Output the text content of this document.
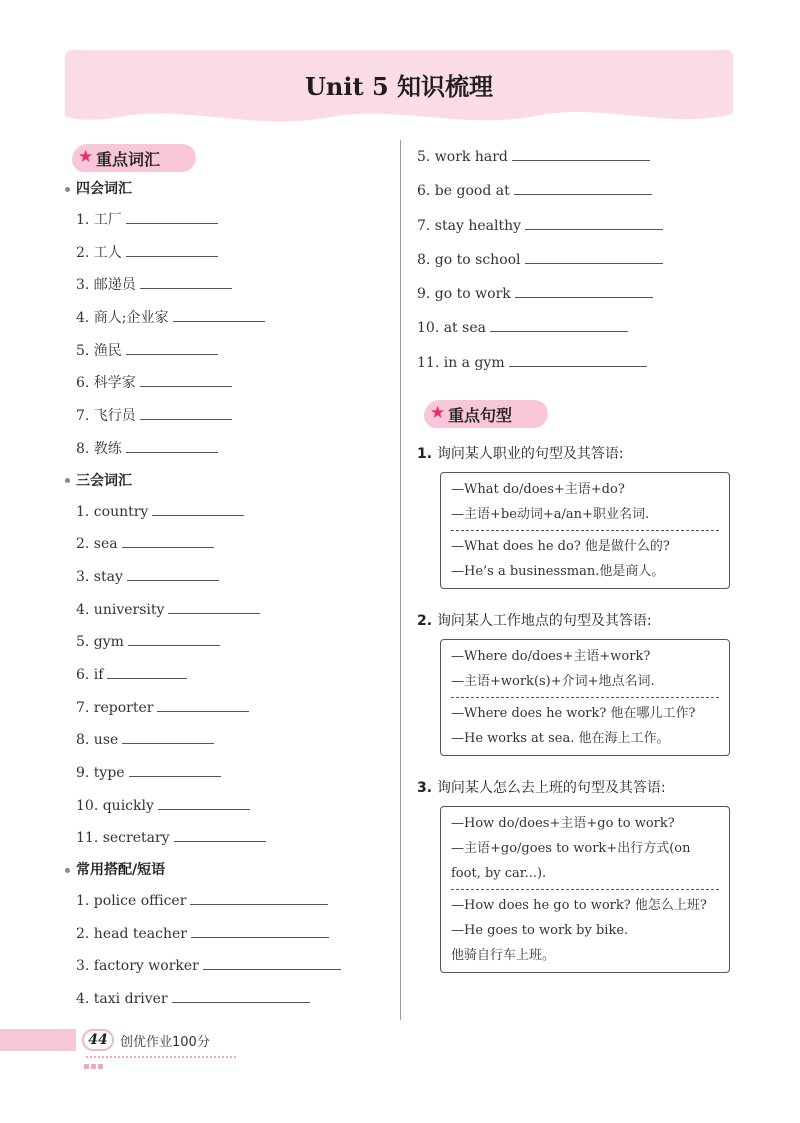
Unit 5 知识梳理
★ 重点词汇
四会词汇
1. 工厂
2. 工人
3. 邮递员
4. 商人;企业家
5. 渔民
6. 科学家
7. 飞行员
8. 教练
三会词汇
1. country
2. sea
3. stay
4. university
5. gym
6. if
7. reporter
8. use
9. type
10. quickly
11. secretary
常用搭配/短语
1. police officer
2. head teacher
3. factory worker
4. taxi driver
5. work hard
6. be good at
7. stay healthy
8. go to school
9. go to work
10. at sea
11. in a gym
★ 重点句型
1. 询问某人职业的句型及其答语:
—What do/does+主语+do?
—主语+be动词+a/an+职业名词.
—What does he do? 他是做什么的?
—He’s a businessman.他是商人。
2. 询问某人工作地点的句型及其答语:
—Where do/does+主语+work?
—主语+work(s)+介词+地点名词.
—Where does he work? 他在哪儿工作?
—He works at sea. 他在海上工作。
3. 询问某人怎么去上班的句型及其答语:
—How do/does+主语+go to work?
—主语+go/goes to work+出行方式(on
foot, by car...).
—How does he go to work? 他怎么上班?
—He goes to work by bike.
他骑自行车上班。
44 创优作业100分
